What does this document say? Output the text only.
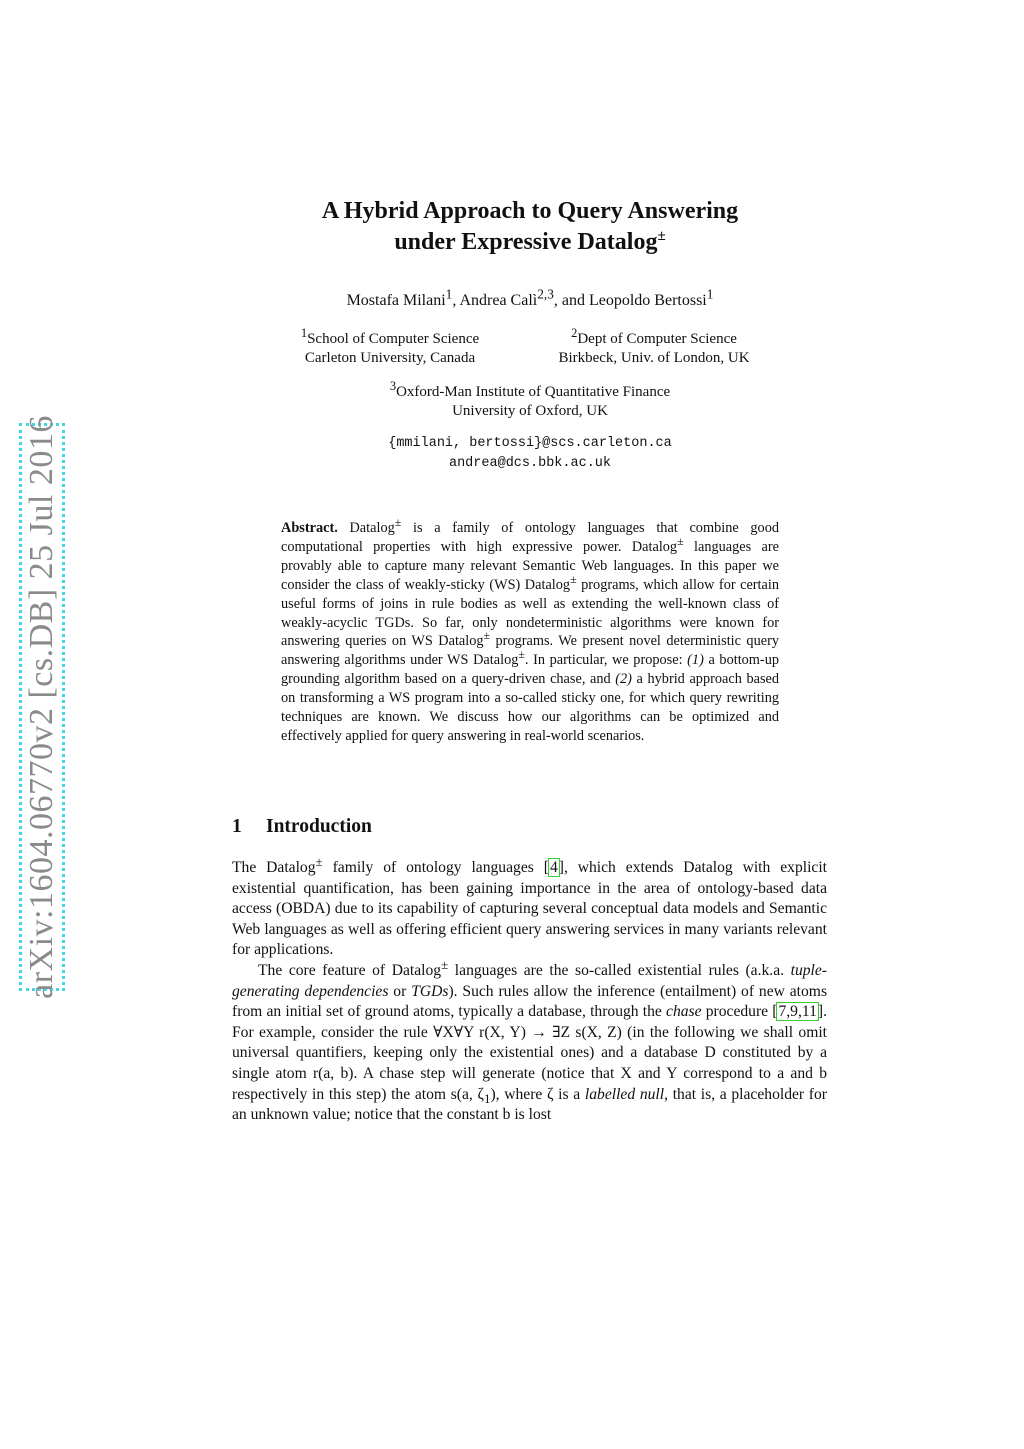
arXiv:1604.06770v2 [cs.DB] 25 Jul 2016
A Hybrid Approach to Query Answering
under Expressive Datalog±
Mostafa Milani$^1$, Andrea Calì$^{2,3}$, and Leopoldo Bertossi$^1$
$^1$School of Computer Science
Carleton University, Canada
$^2$Dept of Computer Science
Birkbeck, Univ. of London, UK
$^3$Oxford-Man Institute of Quantitative Finance
University of Oxford, UK
{mmilani, bertossi}@scs.carleton.ca
andrea@dcs.bbk.ac.uk
Abstract. Datalog± is a family of ontology languages that combine good computational properties with high expressive power. Datalog± languages are provably able to capture many relevant Semantic Web languages. In this paper we consider the class of weakly-sticky (WS) Datalog± programs, which allow for certain useful forms of joins in rule bodies as well as extending the well-known class of weakly-acyclic TGDs. So far, only nondeterministic algorithms were known for answering queries on WS Datalog± programs. We present novel deterministic query answering algorithms under WS Datalog±. In particular, we propose: (1) a bottom-up grounding algorithm based on a query-driven chase, and (2) a hybrid approach based on transforming a WS program into a so-called sticky one, for which query rewriting techniques are known. We discuss how our algorithms can be optimized and effectively applied for query answering in real-world scenarios.
1 Introduction

The Datalog± family of ontology languages [4], which extends Datalog with explicit existential quantification, has been gaining importance in the area of ontology-based data access (OBDA) due to its capability of capturing several conceptual data models and Semantic Web languages as well as offering efficient query answering services in many variants relevant for applications.

The core feature of Datalog± languages are the so-called existential rules (a.k.a. tuple-generating dependencies or TGDs). Such rules allow the inference (entailment) of new atoms from an initial set of ground atoms, typically a database, through the chase procedure [7,9,11]. For example, consider the rule ∀X∀Y r(X, Y) → ∃Z s(X, Z) (in the following we shall omit universal quantifiers, keeping only the existential ones) and a database D constituted by a single atom r(a, b). A chase step will generate (notice that X and Y correspond to a and b respectively in this step) the atom s(a, $\zeta_1$), where ζ is a labelled null, that is, a placeholder for an unknown value; notice that the constant b is lost
